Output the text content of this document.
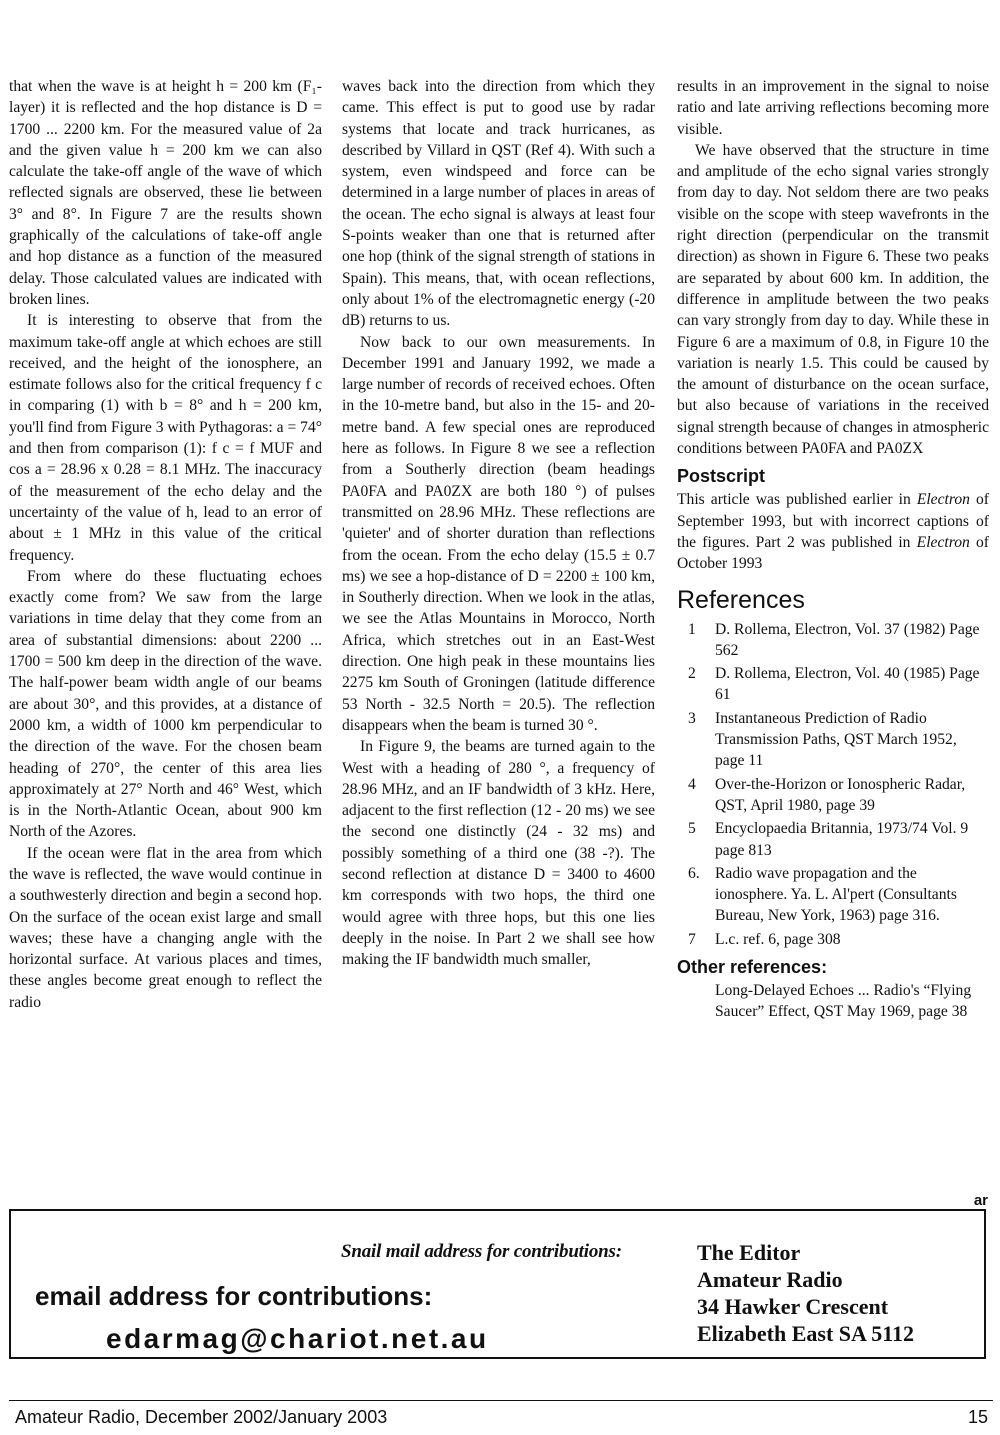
that when the wave is at height h = 200 km (F₁-layer) it is reflected and the hop distance is D = 1700 ... 2200 km. For the measured value of 2a and the given value h = 200 km we can also calculate the take-off angle of the wave of which reflected signals are observed, these lie between 3° and 8°. In Figure 7 are the results shown graphically of the calculations of take-off angle and hop distance as a function of the measured delay. Those calculated values are indicated with broken lines.

It is interesting to observe that from the maximum take-off angle at which echoes are still received, and the height of the ionosphere, an estimate follows also for the critical frequency f c in comparing (1) with b = 8° and h = 200 km, you'll find from Figure 3 with Pythagoras: a = 74° and then from comparison (1): f c = f MUF and cos a = 28.96 x 0.28 = 8.1 MHz. The inaccuracy of the measurement of the echo delay and the uncertainty of the value of h, lead to an error of about ± 1 MHz in this value of the critical frequency.

From where do these fluctuating echoes exactly come from? We saw from the large variations in time delay that they come from an area of substantial dimensions: about 2200 ... 1700 = 500 km deep in the direction of the wave. The half-power beam width angle of our beams are about 30°, and this provides, at a distance of 2000 km, a width of 1000 km perpendicular to the direction of the wave. For the chosen beam heading of 270°, the center of this area lies approximately at 27° North and 46° West, which is in the North-Atlantic Ocean, about 900 km North of the Azores.

If the ocean were flat in the area from which the wave is reflected, the wave would continue in a southwesterly direction and begin a second hop. On the surface of the ocean exist large and small waves; these have a changing angle with the horizontal surface. At various places and times, these angles become great enough to reflect the radio

waves back into the direction from which they came. This effect is put to good use by radar systems that locate and track hurricanes, as described by Villard in QST (Ref 4). With such a system, even windspeed and force can be determined in a large number of places in areas of the ocean. The echo signal is always at least four S-points weaker than one that is returned after one hop (think of the signal strength of stations in Spain). This means, that, with ocean reflections, only about 1% of the electromagnetic energy (-20 dB) returns to us.

Now back to our own measurements. In December 1991 and January 1992, we made a large number of records of received echoes. Often in the 10-metre band, but also in the 15- and 20-metre band. A few special ones are reproduced here as follows. In Figure 8 we see a reflection from a Southerly direction (beam headings PA0FA and PA0ZX are both 180 °) of pulses transmitted on 28.96 MHz. These reflections are 'quieter' and of shorter duration than reflections from the ocean. From the echo delay (15.5 ± 0.7 ms) we see a hop-distance of D = 2200 ± 100 km, in Southerly direction. When we look in the atlas, we see the Atlas Mountains in Morocco, North Africa, which stretches out in an East-West direction. One high peak in these mountains lies 2275 km South of Groningen (latitude difference 53 North - 32.5 North = 20.5). The reflection disappears when the beam is turned 30 °.

In Figure 9, the beams are turned again to the West with a heading of 280 °, a frequency of 28.96 MHz, and an IF bandwidth of 3 kHz. Here, adjacent to the first reflection (12 - 20 ms) we see the second one distinctly (24 - 32 ms) and possibly something of a third one (38 -?). The second reflection at distance D = 3400 to 4600 km corresponds with two hops, the third one would agree with three hops, but this one lies deeply in the noise. In Part 2 we shall see how making the IF bandwidth much smaller,

results in an improvement in the signal to noise ratio and late arriving reflections becoming more visible.

We have observed that the structure in time and amplitude of the echo signal varies strongly from day to day. Not seldom there are two peaks visible on the scope with steep wavefronts in the right direction (perpendicular on the transmit direction) as shown in Figure 6. These two peaks are separated by about 600 km. In addition, the difference in amplitude between the two peaks can vary strongly from day to day. While these in Figure 6 are a maximum of 0.8, in Figure 10 the variation is nearly 1.5. This could be caused by the amount of disturbance on the ocean surface, but also because of variations in the received signal strength because of changes in atmospheric conditions between PA0FA and PA0ZX

Postscript

This article was published earlier in Electron of September 1993, but with incorrect captions of the figures. Part 2 was published in Electron of October 1993

References
1 D. Rollema, Electron, Vol. 37 (1982) Page 562
2 D. Rollema, Electron, Vol. 40 (1985) Page 61
3 Instantaneous Prediction of Radio Transmission Paths, QST March 1952, page 11
4 Over-the-Horizon or Ionospheric Radar, QST, April 1980, page 39
5 Encyclopaedia Britannia, 1973/74 Vol. 9 page 813
6. Radio wave propagation and the ionosphere. Ya. L. Al'pert (Consultants Bureau, New York, 1963) page 316.
7 L.c. ref. 6, page 308
Other references:
Long-Delayed Echoes ... Radio's “Flying Saucer” Effect, QST May 1969, page 38
ar
Snail mail address for contributions:	The Editor
Amateur Radio
34 Hawker Crescent
Elizabeth East SA 5112
email address for contributions:
edarmag@chariot.net.au
Amateur Radio, December 2002/January 2003	15
